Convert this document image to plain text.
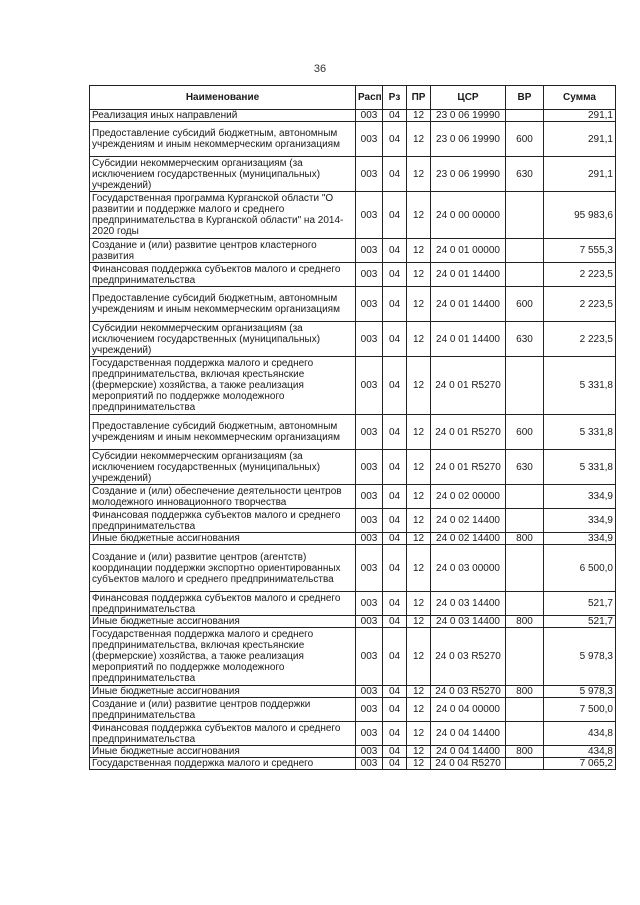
36
Наименование	Расп	Рз	ПР	ЦСР	ВР	Сумма
Реализация иных направлений	003	04	12	23 0 06 19990		291,1
Предоставление субсидий бюджетным, автономным учреждениям и иным некоммерческим организациям	003	04	12	23 0 06 19990	600	291,1
Субсидии некоммерческим организациям (за исключением государственных (муниципальных) учреждений)	003	04	12	23 0 06 19990	630	291,1
Государственная программа Курганской области "О развитии и поддержке малого и среднего предпринимательства в Курганской области" на 2014-2020 годы	003	04	12	24 0 00 00000		95 983,6
Создание и (или) развитие центров кластерного развития	003	04	12	24 0 01 00000		7 555,3
Финансовая поддержка субъектов малого и среднего предпринимательства	003	04	12	24 0 01 14400		2 223,5
Предоставление субсидий бюджетным, автономным учреждениям и иным некоммерческим организациям	003	04	12	24 0 01 14400	600	2 223,5
Субсидии некоммерческим организациям (за исключением государственных (муниципальных) учреждений)	003	04	12	24 0 01 14400	630	2 223,5
Государственная поддержка малого и среднего предпринимательства, включая крестьянские (фермерские) хозяйства, а также реализация мероприятий по поддержке молодежного предпринимательства	003	04	12	24 0 01 R5270		5 331,8
Предоставление субсидий бюджетным, автономным учреждениям и иным некоммерческим организациям	003	04	12	24 0 01 R5270	600	5 331,8
Субсидии некоммерческим организациям (за исключением государственных (муниципальных) учреждений)	003	04	12	24 0 01 R5270	630	5 331,8
Создание и (или) обеспечение деятельности центров молодежного инновационного творчества	003	04	12	24 0 02 00000		334,9
Финансовая поддержка субъектов малого и среднего предпринимательства	003	04	12	24 0 02 14400		334,9
Иные бюджетные ассигнования	003	04	12	24 0 02 14400	800	334,9
Создание и (или) развитие центров (агентств) координации поддержки экспортно ориентированных субъектов малого и среднего предпринимательства	003	04	12	24 0 03 00000		6 500,0
Финансовая поддержка субъектов малого и среднего предпринимательства	003	04	12	24 0 03 14400		521,7
Иные бюджетные ассигнования	003	04	12	24 0 03 14400	800	521,7
Государственная поддержка малого и среднего предпринимательства, включая крестьянские (фермерские) хозяйства, а также реализация мероприятий по поддержке молодежного предпринимательства	003	04	12	24 0 03 R5270		5 978,3
Иные бюджетные ассигнования	003	04	12	24 0 03 R5270	800	5 978,3
Создание и (или) развитие центров поддержки предпринимательства	003	04	12	24 0 04 00000		7 500,0
Финансовая поддержка субъектов малого и среднего предпринимательства	003	04	12	24 0 04 14400		434,8
Иные бюджетные ассигнования	003	04	12	24 0 04 14400	800	434,8
Государственная поддержка малого и среднего	003	04	12	24 0 04 R5270		7 065,2
